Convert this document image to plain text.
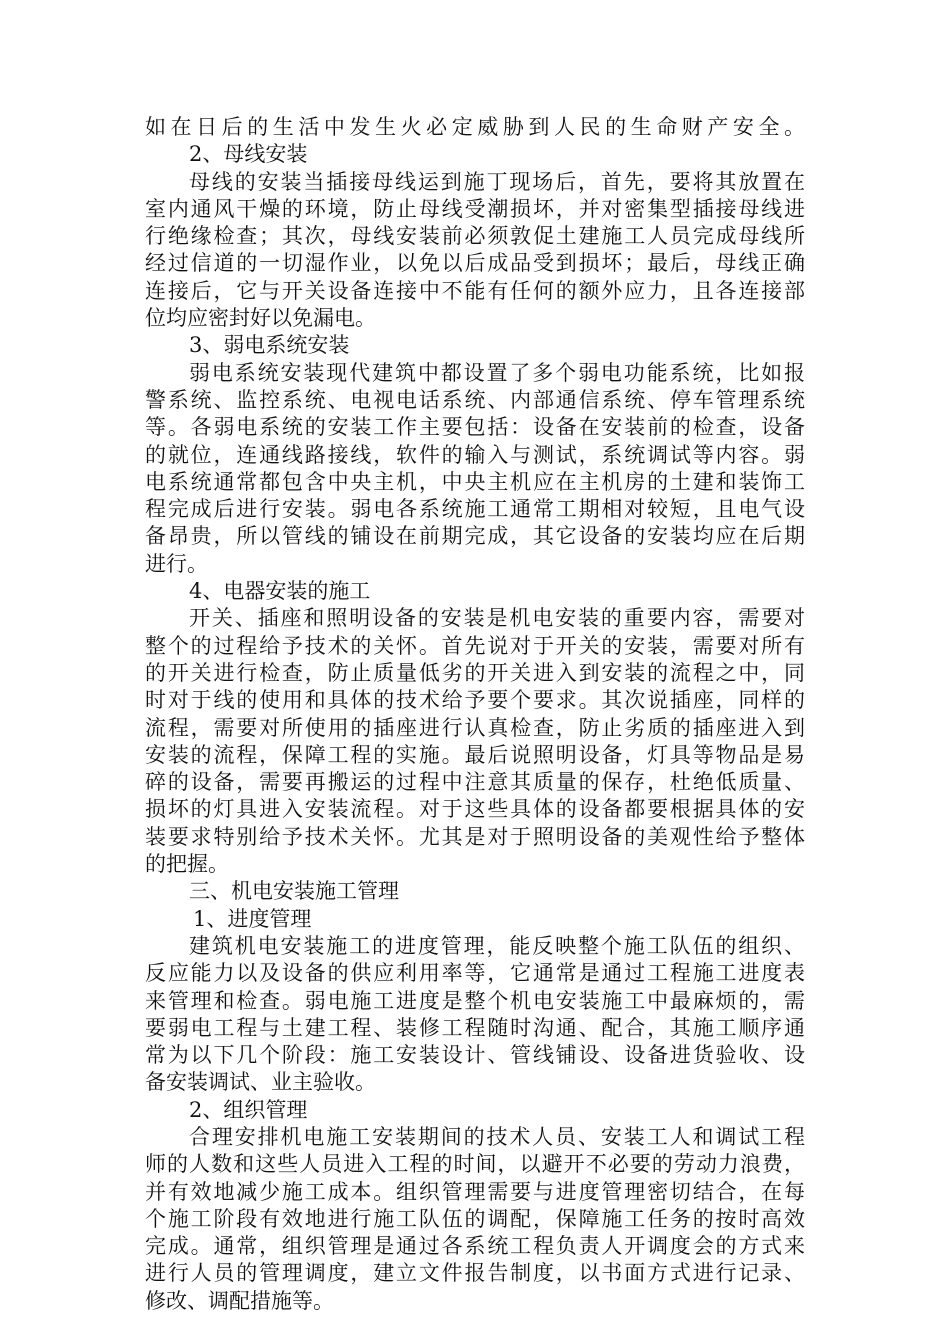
如在日后的生活中发生火必定威胁到人民的生命财产安全。
2、母线安装
母线的安装当插接母线运到施丁现场后，首先，要将其放置在
室内通风干燥的环境，防止母线受潮损坏，并对密集型插接母线进
行绝缘检查；其次，母线安装前必须敦促土建施工人员完成母线所
经过信道的一切湿作业，以免以后成品受到损坏；最后，母线正确
连接后，它与开关设备连接中不能有任何的额外应力，且各连接部
位均应密封好以免漏电。
3、弱电系统安装
弱电系统安装现代建筑中都设置了多个弱电功能系统，比如报
警系统、监控系统、电视电话系统、内部通信系统、停车管理系统
等。各弱电系统的安装工作主要包括：设备在安装前的检查，设备
的就位，连通线路接线，软件的输入与测试，系统调试等内容。弱
电系统通常都包含中央主机，中央主机应在主机房的土建和装饰工
程完成后进行安装。弱电各系统施工通常工期相对较短，且电气设
备昂贵，所以管线的铺设在前期完成，其它设备的安装均应在后期
进行。
4、电器安装的施工
开关、插座和照明设备的安装是机电安装的重要内容，需要对
整个的过程给予技术的关怀。首先说对于开关的安装，需要对所有
的开关进行检查，防止质量低劣的开关进入到安装的流程之中，同
时对于线的使用和具体的技术给予要个要求。其次说插座，同样的
流程，需要对所使用的插座进行认真检查，防止劣质的插座进入到
安装的流程，保障工程的实施。最后说照明设备，灯具等物品是易
碎的设备，需要再搬运的过程中注意其质量的保存，杜绝低质量、
损坏的灯具进入安装流程。对于这些具体的设备都要根据具体的安
装要求特别给予技术关怀。尤其是对于照明设备的美观性给予整体
的把握。
三、机电安装施工管理
1、进度管理
建筑机电安装施工的进度管理，能反映整个施工队伍的组织、
反应能力以及设备的供应利用率等，它通常是通过工程施工进度表
来管理和检查。弱电施工进度是整个机电安装施工中最麻烦的，需
要弱电工程与土建工程、装修工程随时沟通、配合，其施工顺序通
常为以下几个阶段：施工安装设计、管线铺设、设备进货验收、设
备安装调试、业主验收。
2、组织管理
合理安排机电施工安装期间的技术人员、安装工人和调试工程
师的人数和这些人员进入工程的时间，以避开不必要的劳动力浪费，
并有效地减少施工成本。组织管理需要与进度管理密切结合，在每
个施工阶段有效地进行施工队伍的调配，保障施工任务的按时高效
完成。通常，组织管理是通过各系统工程负责人开调度会的方式来
进行人员的管理调度，建立文件报告制度，以书面方式进行记录、
修改、调配措施等。
